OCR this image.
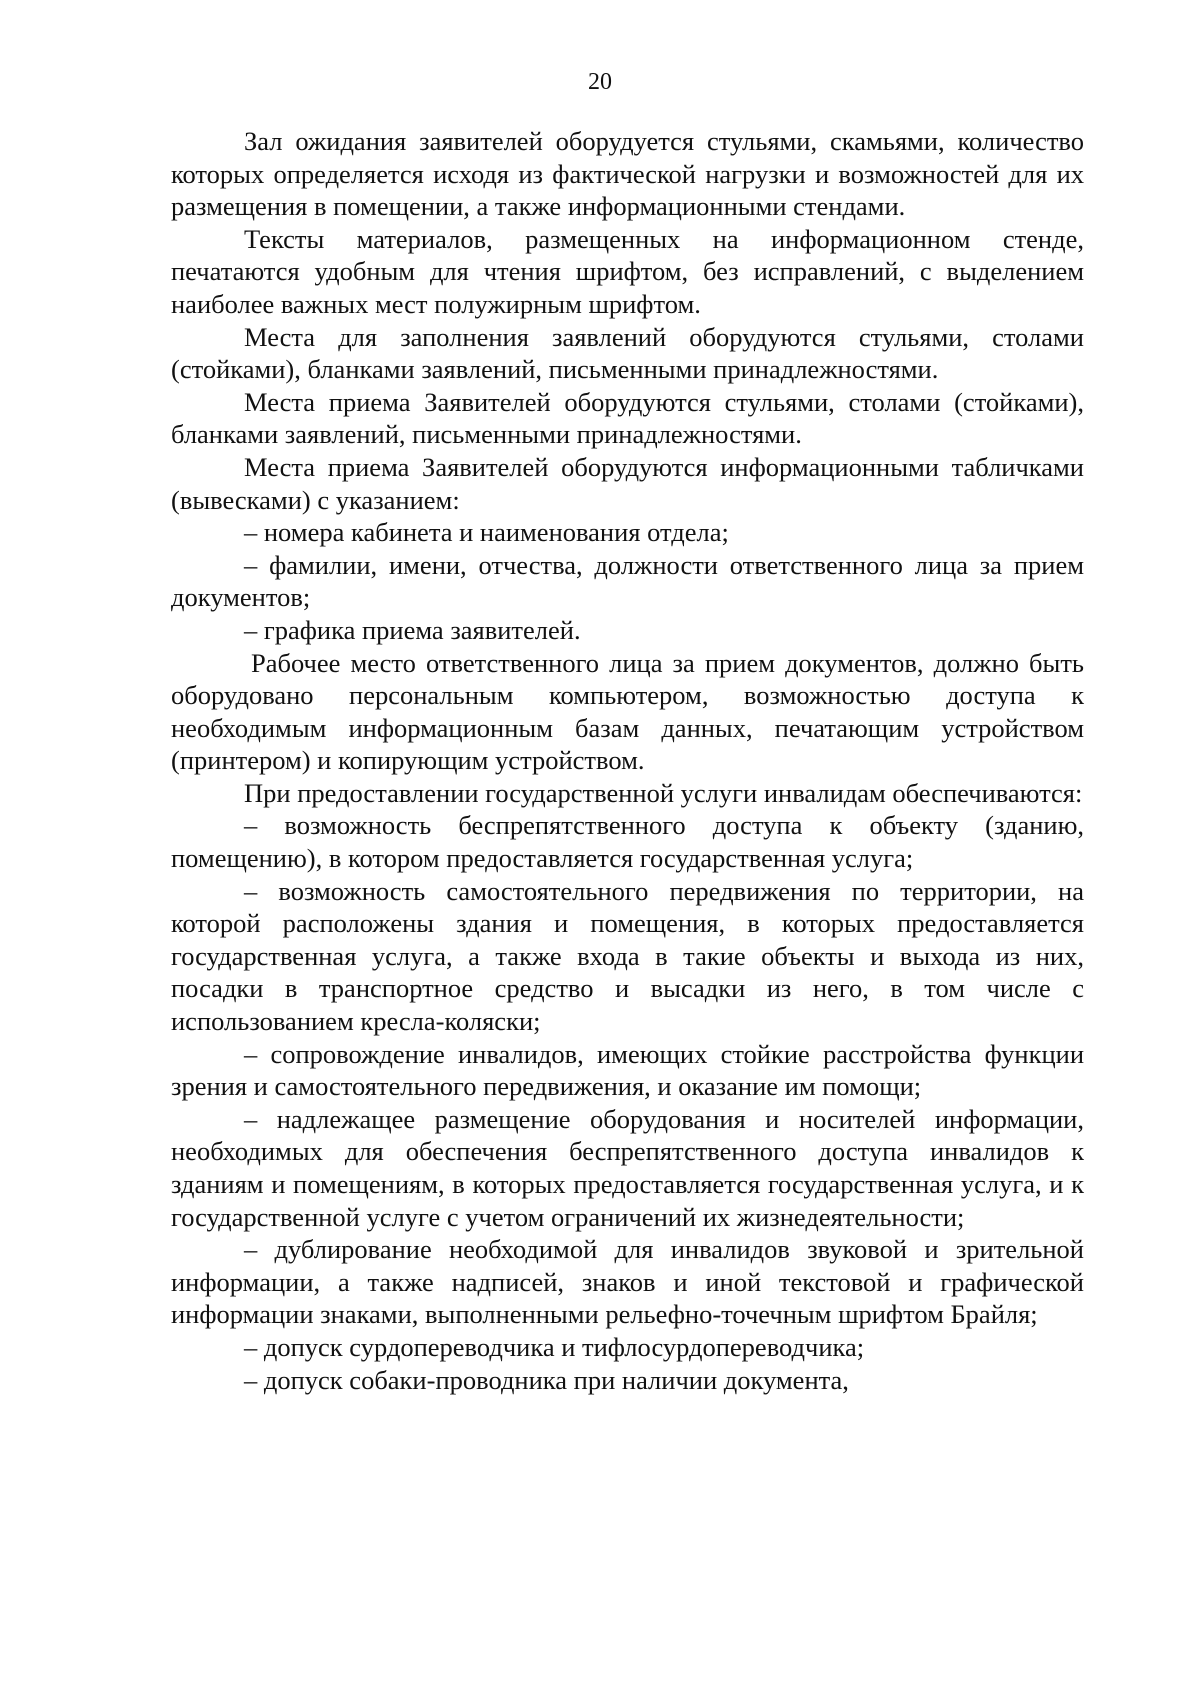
20

Зал ожидания заявителей оборудуется стульями, скамьями, количество которых определяется исходя из фактической нагрузки и возможностей для их размещения в помещении, а также информационными стендами.

Тексты материалов, размещенных на информационном стенде, печатаются удобным для чтения шрифтом, без исправлений, с выделением наиболее важных мест полужирным шрифтом.

Места для заполнения заявлений оборудуются стульями, столами (стойками), бланками заявлений, письменными принадлежностями.

Места приема Заявителей оборудуются стульями, столами (стойками), бланками заявлений, письменными принадлежностями.

Места приема Заявителей оборудуются информационными табличками (вывесками) с указанием:

– номера кабинета и наименования отдела;

– фамилии, имени, отчества, должности ответственного лица за прием документов;

– графика приема заявителей.

Рабочее место ответственного лица за прием документов, должно быть оборудовано персональным компьютером, возможностью доступа к необходимым информационным базам данных, печатающим устройством (принтером) и копирующим устройством.

При предоставлении государственной услуги инвалидам обеспечиваются:

– возможность беспрепятственного доступа к объекту (зданию, помещению), в котором предоставляется государственная услуга;

– возможность самостоятельного передвижения по территории, на которой расположены здания и помещения, в которых предоставляется государственная услуга, а также входа в такие объекты и выхода из них, посадки в транспортное средство и высадки из него, в том числе с использованием кресла-коляски;

– сопровождение инвалидов, имеющих стойкие расстройства функции зрения и самостоятельного передвижения, и оказание им помощи;

– надлежащее размещение оборудования и носителей информации, необходимых для обеспечения беспрепятственного доступа инвалидов к зданиям и помещениям, в которых предоставляется государственная услуга, и к государственной услуге с учетом ограничений их жизнедеятельности;

– дублирование необходимой для инвалидов звуковой и зрительной информации, а также надписей, знаков и иной текстовой и графической информации знаками, выполненными рельефно-точечным шрифтом Брайля;

– допуск сурдопереводчика и тифлосурдопереводчика;

– допуск собаки-проводника при наличии документа,
